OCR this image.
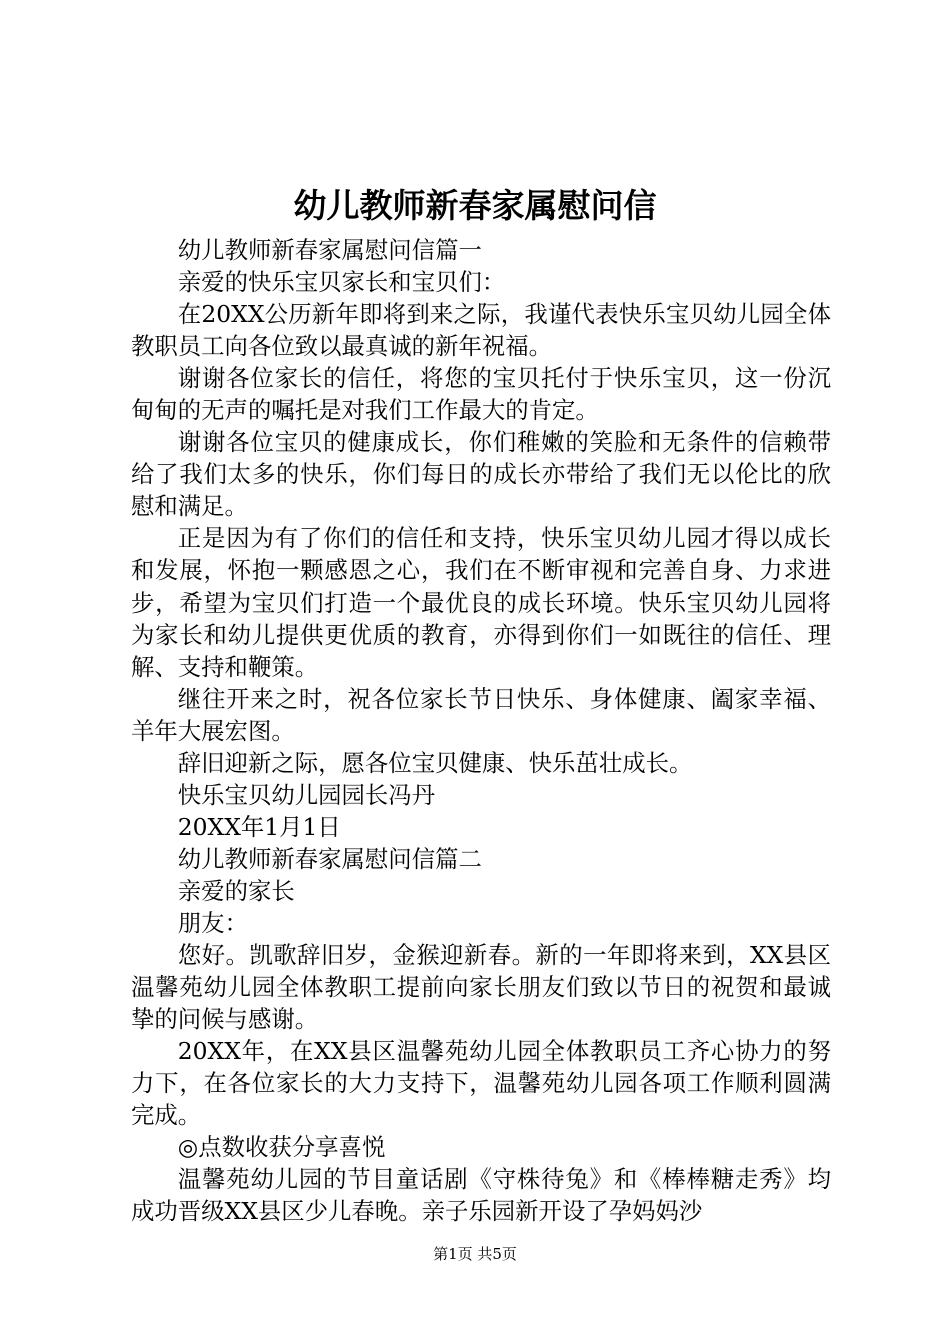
幼儿教师新春家属慰问信

幼儿教师新春家属慰问信篇一

亲爱的快乐宝贝家长和宝贝们：

在20XX公历新年即将到来之际，我谨代表快乐宝贝幼儿园全体教职员工向各位致以最真诚的新年祝福。

谢谢各位家长的信任，将您的宝贝托付于快乐宝贝，这一份沉甸甸的无声的嘱托是对我们工作最大的肯定。

谢谢各位宝贝的健康成长，你们稚嫩的笑脸和无条件的信赖带给了我们太多的快乐，你们每日的成长亦带给了我们无以伦比的欣慰和满足。

正是因为有了你们的信任和支持，快乐宝贝幼儿园才得以成长和发展，怀抱一颗感恩之心，我们在不断审视和完善自身、力求进步，希望为宝贝们打造一个最优良的成长环境。快乐宝贝幼儿园将为家长和幼儿提供更优质的教育，亦得到你们一如既往的信任、理解、支持和鞭策。

继往开来之时，祝各位家长节日快乐、身体健康、阖家幸福、羊年大展宏图。

辞旧迎新之际，愿各位宝贝健康、快乐茁壮成长。

快乐宝贝幼儿园园长冯丹

20XX年1月1日

幼儿教师新春家属慰问信篇二

亲爱的家长

朋友：

您好。凯歌辞旧岁，金猴迎新春。新的一年即将来到，XX县区温馨苑幼儿园全体教职工提前向家长朋友们致以节日的祝贺和最诚挚的问候与感谢。

20XX年，在XX县区温馨苑幼儿园全体教职员工齐心协力的努力下，在各位家长的大力支持下，温馨苑幼儿园各项工作顺利圆满完成。

◎点数收获分享喜悦

温馨苑幼儿园的节目童话剧《守株待兔》和《棒棒糖走秀》均成功晋级XX县区少儿春晚。亲子乐园新开设了孕妈妈沙

第1页 共5页
